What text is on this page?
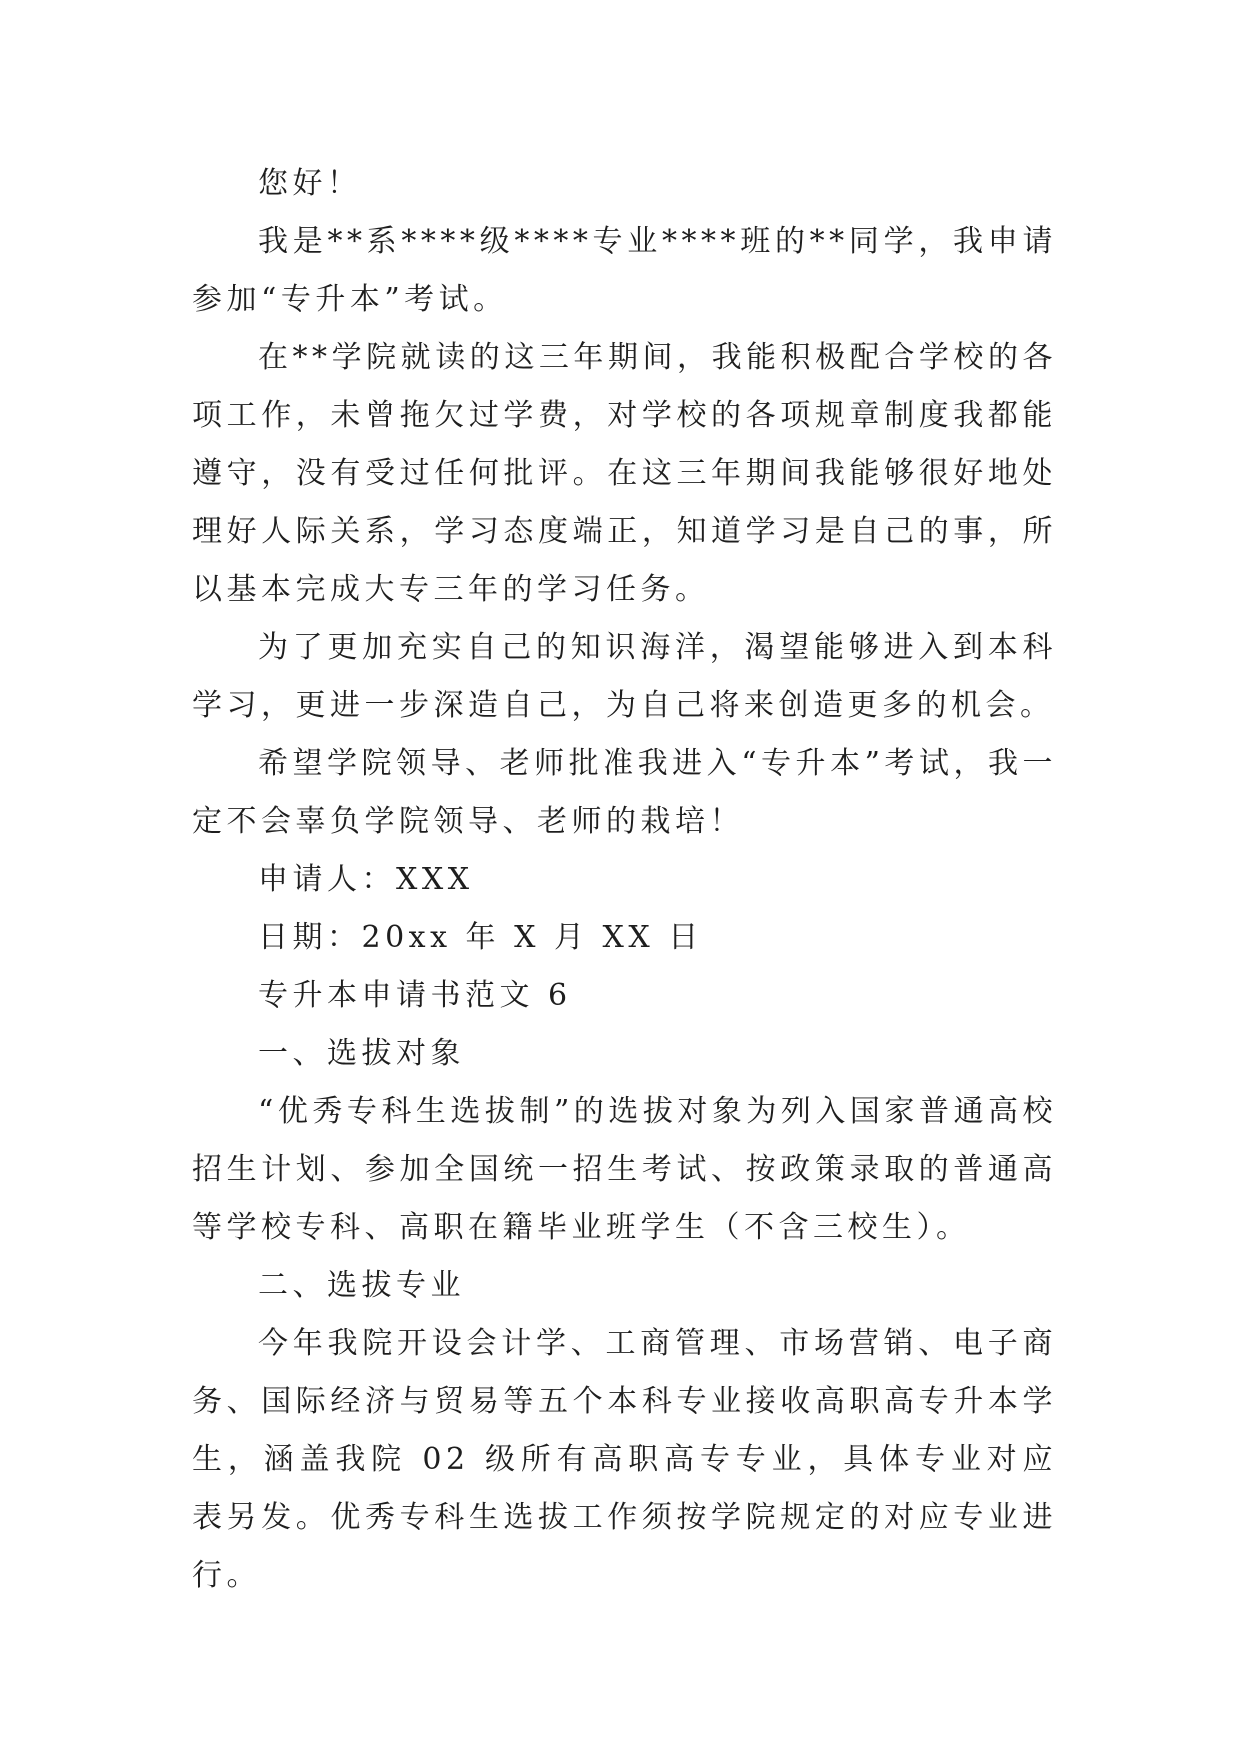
您好！

我是**系****级****专业****班的**同学，我申请参加“专升本”考试。

在**学院就读的这三年期间，我能积极配合学校的各项工作，未曾拖欠过学费，对学校的各项规章制度我都能遵守，没有受过任何批评。在这三年期间我能够很好地处理好人际关系，学习态度端正，知道学习是自己的事，所以基本完成大专三年的学习任务。

为了更加充实自己的知识海洋，渴望能够进入到本科学习，更进一步深造自己，为自己将来创造更多的机会。

希望学院领导、老师批准我进入“专升本”考试，我一定不会辜负学院领导、老师的栽培！

申请人：XXX

日期：20xx 年 X 月 XX 日

专升本申请书范文 6

一、选拔对象

“优秀专科生选拔制”的选拔对象为列入国家普通高校招生计划、参加全国统一招生考试、按政策录取的普通高等学校专科、高职在籍毕业班学生（不含三校生）。

二、选拔专业

今年我院开设会计学、工商管理、市场营销、电子商务、国际经济与贸易等五个本科专业接收高职高专升本学生，涵盖我院 02 级所有高职高专专业，具体专业对应表另发。优秀专科生选拔工作须按学院规定的对应专业进行。
